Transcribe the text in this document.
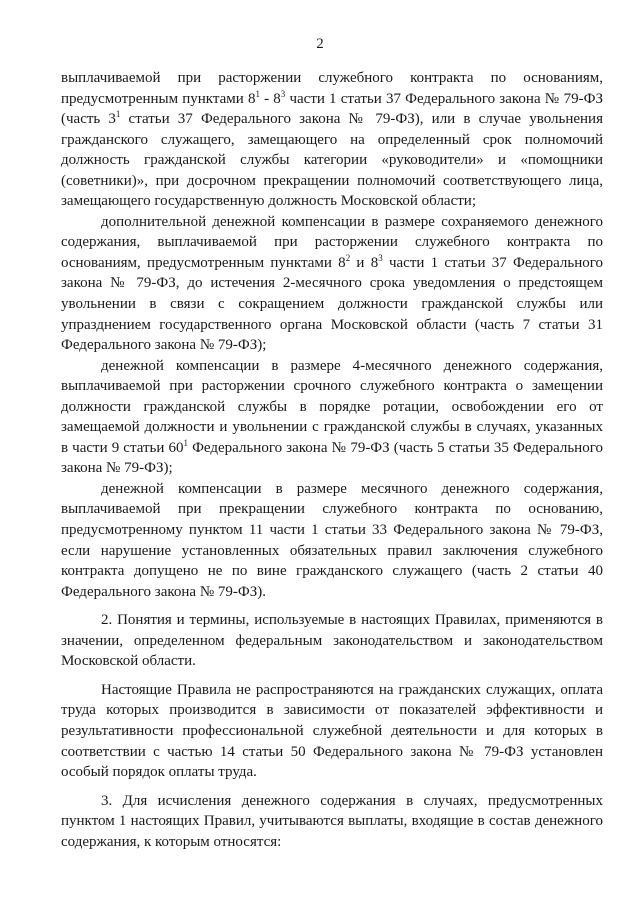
2

выплачиваемой при расторжении служебного контракта по основаниям, предусмотренным пунктами $8^1 - 8^3$ части 1 статьи 37 Федерального закона № 79-ФЗ (часть $3^1$ статьи 37 Федерального закона № 79-ФЗ), или в случае увольнения гражданского служащего, замещающего на определенный срок полномочий должность гражданской службы категории «руководители» и «помощники (советники)», при досрочном прекращении полномочий соответствующего лица, замещающего государственную должность Московской области;

дополнительной денежной компенсации в размере сохраняемого денежного содержания, выплачиваемой при расторжении служебного контракта по основаниям, предусмотренным пунктами $8^2$ и $8^3$ части 1 статьи 37 Федерального закона № 79-ФЗ, до истечения 2-месячного срока уведомления о предстоящем увольнении в связи с сокращением должности гражданской службы или упразднением государственного органа Московской области (часть 7 статьи 31 Федерального закона № 79-ФЗ);

денежной компенсации в размере 4-месячного денежного содержания, выплачиваемой при расторжении срочного служебного контракта о замещении должности гражданской службы в порядке ротации, освобождении его от замещаемой должности и увольнении с гражданской службы в случаях, указанных в части 9 статьи $60^1$ Федерального закона № 79-ФЗ (часть 5 статьи 35 Федерального закона № 79-ФЗ);

денежной компенсации в размере месячного денежного содержания, выплачиваемой при прекращении служебного контракта по основанию, предусмотренному пунктом 11 части 1 статьи 33 Федерального закона № 79-ФЗ, если нарушение установленных обязательных правил заключения служебного контракта допущено не по вине гражданского служащего (часть 2 статьи 40 Федерального закона № 79-ФЗ).

2. Понятия и термины, используемые в настоящих Правилах, применяются в значении, определенном федеральным законодательством и законодательством Московской области.

Настоящие Правила не распространяются на гражданских служащих, оплата труда которых производится в зависимости от показателей эффективности и результативности профессиональной служебной деятельности и для которых в соответствии с частью 14 статьи 50 Федерального закона № 79-ФЗ установлен особый порядок оплаты труда.

3. Для исчисления денежного содержания в случаях, предусмотренных пунктом 1 настоящих Правил, учитываются выплаты, входящие в состав денежного содержания, к которым относятся:
